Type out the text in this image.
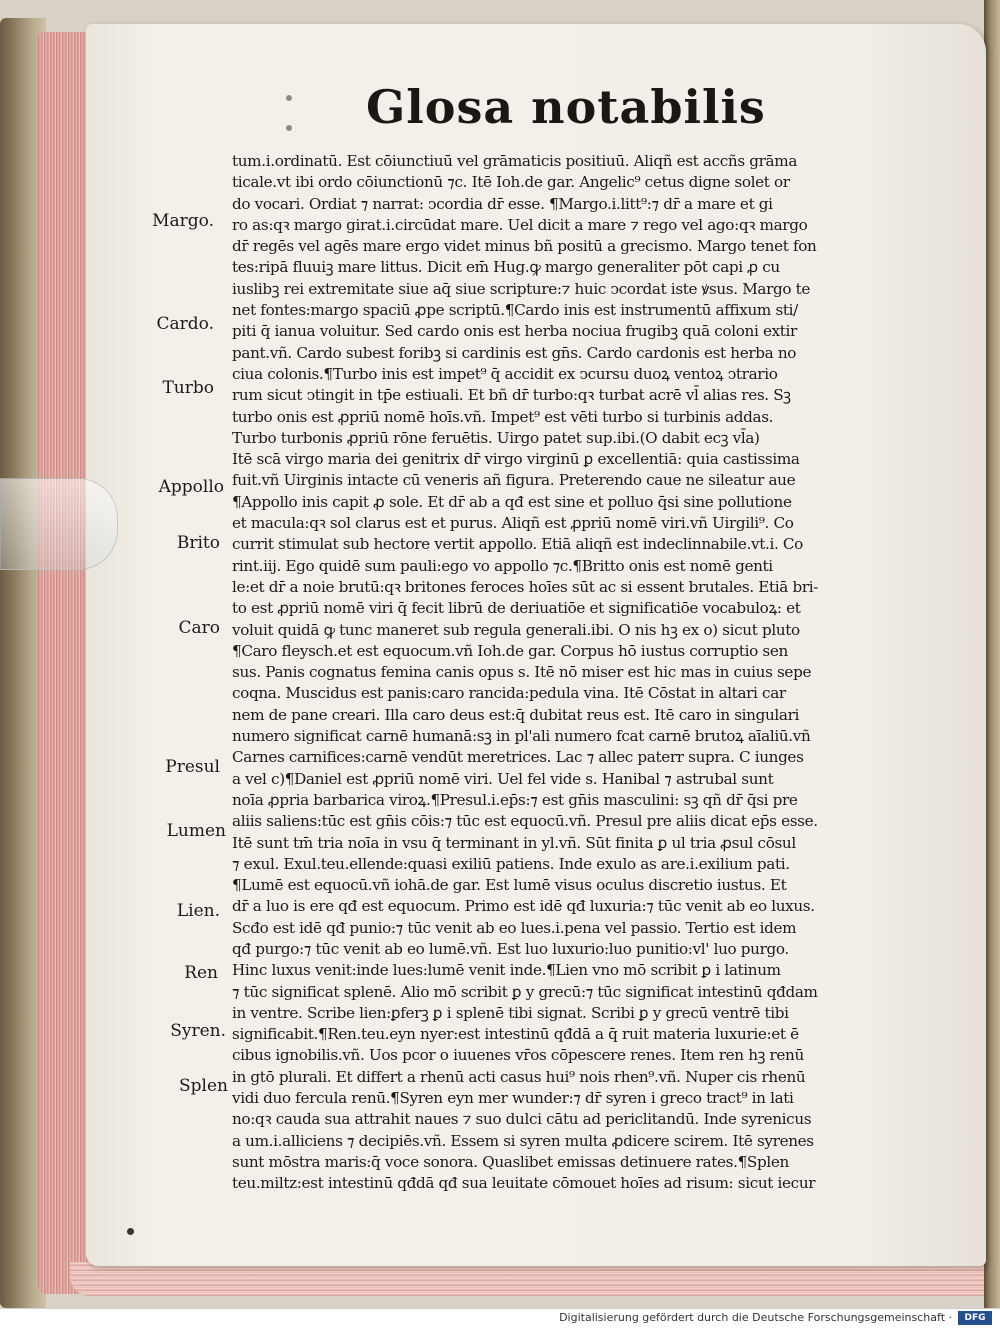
Glosa notabilis
Margo.
Cardo.
Turbo
Appollo
Brito
Caro
Presul
Lumen
Lien.
Ren
Syren.
Splen
tum.i.ordinatū. Est cōiunctiuū vel grāmaticis positiuū. Aliqñ est accñs grāma
ticale.vt ibi ordo cōiunctionū ⁊c. Itē Ioh.de gar. Angelic⁹ cetus digne solet or
do vocari. Ordiat ⁊ narrat: ↄcordia dr̄ esse. ¶Margo.i.litt⁹:⁊ dr̄ a mare et gi
ro as:qꝛ margo girat.i.circūdat mare. Uel dicit a mare ⁊ rego vel ago:qꝛ margo
dr̄ regēs vel agēs mare ergo videt minus bñ positū a grecismo. Margo tenet fon
tes:ripā fluuiꝫ mare littus. Dicit em̄ Hug.ꝙ margo generaliter pōt capi ꝓ cu
iuslibꝫ rei extremitate siue aq̄ siue scripture:⁊ huic ↄcordat iste ꝟsus. Margo te
net fontes:margo spaciū ꝓpe scriptū.¶Cardo inis est instrumentū affixum sti/
piti q̄ ianua voluitur. Sed cardo onis est herba nociua frugibꝫ quā coloni extir
pant.vñ. Cardo subest foribꝫ si cardinis est gn̄s. Cardo cardonis est herba no
ciua colonis.¶Turbo inis est impet⁹ q̄ accidit ex ↄcursu duoꝝ ventoꝝ ↄtrario
rum sicut ↄtingit in tp̄e estiuali. Et bñ dr̄ turbo:qꝛ turbat acrē vl̄ alias res. Sꝫ
turbo onis est ꝓpriū nomē hoīs.vñ. Impet⁹ est vēti turbo si turbinis addas.
Turbo turbonis ꝓpriū rōne feruētis. Uirgo patet sup.ibi.(O dabit ecꝫ vl̄a)
Itē scā virgo maria dei genitrix dr̄ virgo virginū ꝑ excellentiā: quia castissima
fuit.vñ Uirginis intacte cū veneris añ figura. Preterendo caue ne sileatur aue
¶Appollo inis capit ꝓ sole. Et dr̄ ab a qđ est sine et polluo q̄si sine pollutione
et macula:qꝛ sol clarus est et purus. Aliqñ est ꝓpriū nomē viri.vñ Uirgili⁹. Co
currit stimulat sub hectore vertit appollo. Etiā aliqñ est indeclinnabile.vt.i. Co
rint.iij. Ego quidē sum pauli:ego vo appollo ⁊c.¶Britto onis est nomē genti
le:et dr̄ a noie brutū:qꝛ britones feroces hoīes sūt ac si essent brutales. Etiā bri-
to est ꝓpriū nomē viri q̄ fecit librū de deriuatiōe et significatiōe vocabuloꝝ: et
voluit quidā ꝙ tunc maneret sub regula generali.ibi. O nis hꝫ ex o) sicut pluto
¶Caro fleysch.et est equocum.vñ Ioh.de gar. Corpus hō iustus corruptio sen
sus. Panis cognatus femina canis opus s. Itē nō miser est hic mas in cuius sepe
coqna. Muscidus est panis:caro rancida:pedula vina. Itē Cōstat in altari car
nem de pane creari. Illa caro deus est:q̄ dubitat reus est. Itē caro in singulari
numero significat carnē humanā:sꝫ in pl'ali numero fcat carnē brutoꝝ aīaliū.vñ
Carnes carnifices:carnē vendūt meretrices. Lac ⁊ allec paterr supra. C iunges
a vel c)¶Daniel est ꝓpriū nomē viri. Uel fel vide s. Hanibal ⁊ astrubal sunt
noīa ꝓpria barbarica viroꝝ.¶Presul.i.ep̄s:⁊ est gn̄is masculini: sꝫ qñ dr̄ q̄si pre
aliis saliens:tūc est gn̄is cōis:⁊ tūc est equocū.vñ. Presul pre aliis dicat ep̄s esse.
Itē sunt tm̄ tria noīa in vsu q̄ terminant in yl.vñ. Sūt finita ꝑ ul tria ꝓsul cōsul
⁊ exul. Exul.teu.ellende:quasi exiliū patiens. Inde exulo as are.i.exilium pati.
¶Lumē est equocū.vñ iohā.de gar. Est lumē visus oculus discretio iustus. Et
dr̄ a luo is ere qđ est equocum. Primo est idē qđ luxuria:⁊ tūc venit ab eo luxus.
Scđo est idē qđ punio:⁊ tūc venit ab eo lues.i.pena vel passio. Tertio est idem
qđ purgo:⁊ tūc venit ab eo lumē.vñ. Est luo luxurio:luo punitio:vl' luo purgo.
Hinc luxus venit:inde lues:lumē venit inde.¶Lien vno mō scribit ꝑ i latinum
⁊ tūc significat splenē. Alio mō scribit ꝑ y grecū:⁊ tūc significat intestinū qđdam
in ventre. Scribe lien:ꝑferꝫ ꝑ i splenē tibi signat. Scribi ꝑ y grecū ventrē tibi
significabit.¶Ren.teu.eyn nyer:est intestinū qđdā a q̄ ruit materia luxurie:et ē
cibus ignobilis.vñ. Uos pcor o iuuenes vr̄os cōpescere renes. Item ren hꝫ renū
in gtō plurali. Et differt a rhenū acti casus hui⁹ nois rhen⁹.vñ. Nuper cis rhenū
vidi duo fercula renū.¶Syren eyn mer wunder:⁊ dr̄ syren i greco tract⁹ in lati
no:qꝛ cauda sua attrahit naues ⁊ suo dulci cātu ad periclitandū. Inde syrenicus
a um.i.alliciens ⁊ decipiēs.vñ. Essem si syren multa ꝓdicere scirem. Itē syrenes
sunt mōstra maris:q̄ voce sonora. Quaslibet emissas detinuere rates.¶Splen
teu.miltz:est intestinū qđdā qđ sua leuitate cōmouet hoīes ad risum: sicut iecur
Digitalisierung gefördert durch die Deutsche Forschungsgemeinschaft ·	DFG
